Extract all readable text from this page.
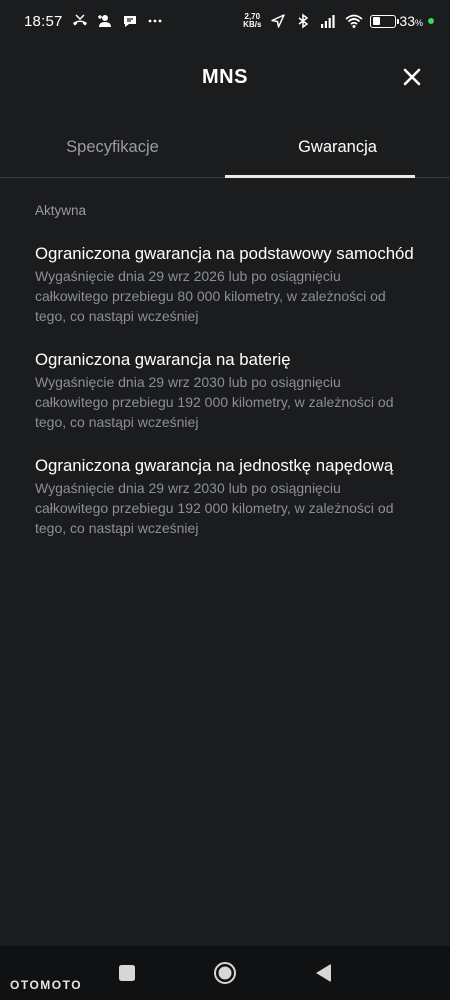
18:57	2,70
KB/s	33%
MNS
Specyfikacje	Gwarancja
Aktywna
Ograniczona gwarancja na podstawowy samochód
Wygaśnięcie dnia 29 wrz 2026 lub po osiągnięciu całkowitego przebiegu 80 000 kilometry, w zależności od tego, co nastąpi wcześniej
Ograniczona gwarancja na baterię
Wygaśnięcie dnia 29 wrz 2030 lub po osiągnięciu całkowitego przebiegu 192 000 kilometry, w zależności od tego, co nastąpi wcześniej
Ograniczona gwarancja na jednostkę napędową
Wygaśnięcie dnia 29 wrz 2030 lub po osiągnięciu całkowitego przebiegu 192 000 kilometry, w zależności od tego, co nastąpi wcześniej
OTOMOTO
